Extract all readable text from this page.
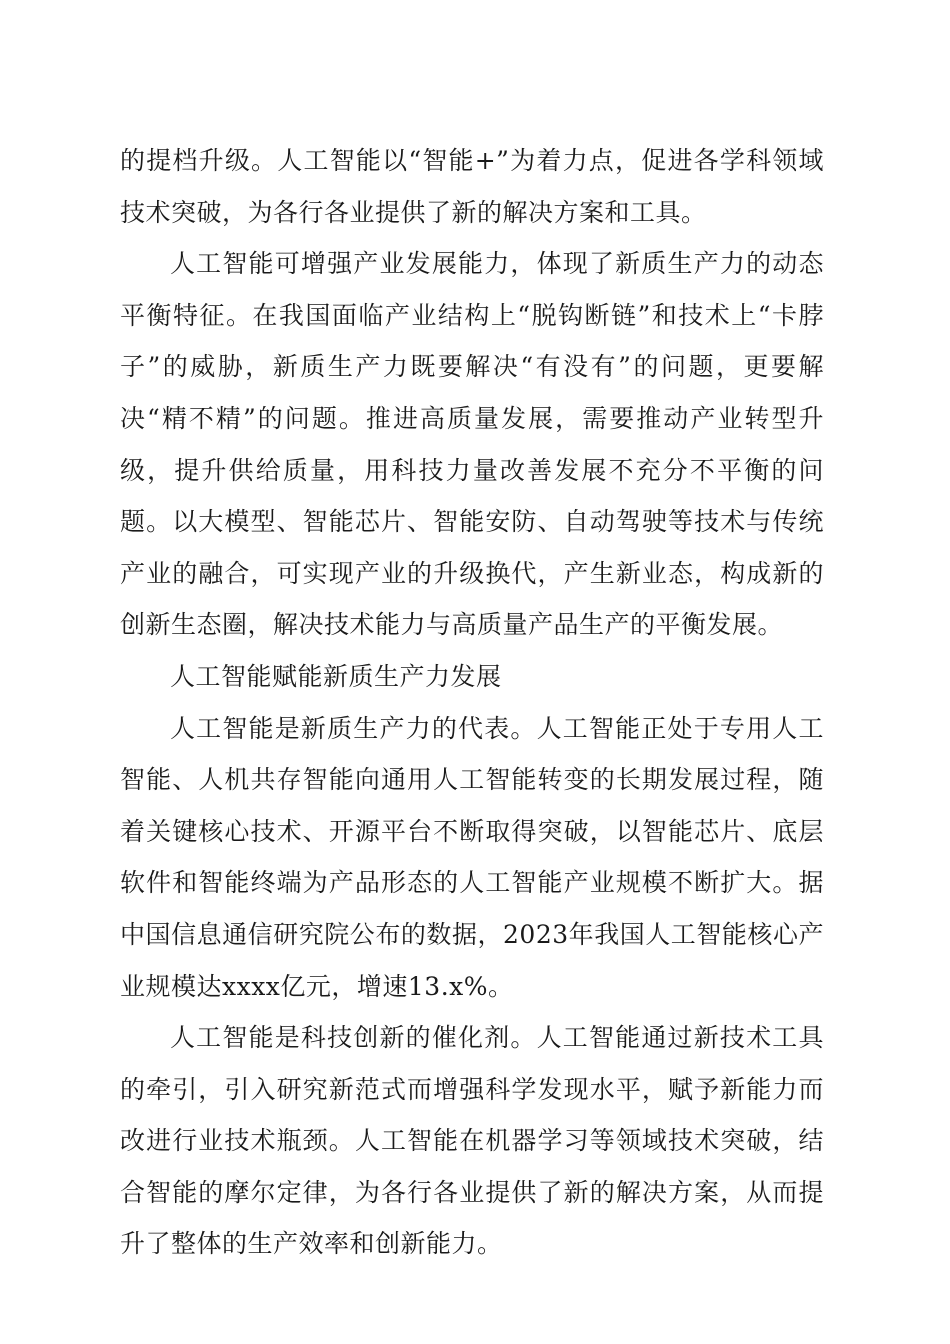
的提档升级。人工智能以“智能+”为着力点，促进各学科领域技术突破，为各行各业提供了新的解决方案和工具。

人工智能可增强产业发展能力，体现了新质生产力的动态平衡特征。在我国面临产业结构上“脱钩断链”和技术上“卡脖子”的威胁，新质生产力既要解决“有没有”的问题，更要解决“精不精”的问题。推进高质量发展，需要推动产业转型升级，提升供给质量，用科技力量改善发展不充分不平衡的问题。以大模型、智能芯片、智能安防、自动驾驶等技术与传统产业的融合，可实现产业的升级换代，产生新业态，构成新的创新生态圈，解决技术能力与高质量产品生产的平衡发展。

人工智能赋能新质生产力发展

人工智能是新质生产力的代表。人工智能正处于专用人工智能、人机共存智能向通用人工智能转变的长期发展过程，随着关键核心技术、开源平台不断取得突破，以智能芯片、底层软件和智能终端为产品形态的人工智能产业规模不断扩大。据中国信息通信研究院公布的数据，2023年我国人工智能核心产业规模达xxxx亿元，增速13.x%。

人工智能是科技创新的催化剂。人工智能通过新技术工具的牵引，引入研究新范式而增强科学发现水平，赋予新能力而改进行业技术瓶颈。人工智能在机器学习等领域技术突破，结合智能的摩尔定律，为各行各业提供了新的解决方案，从而提升了整体的生产效率和创新能力。
